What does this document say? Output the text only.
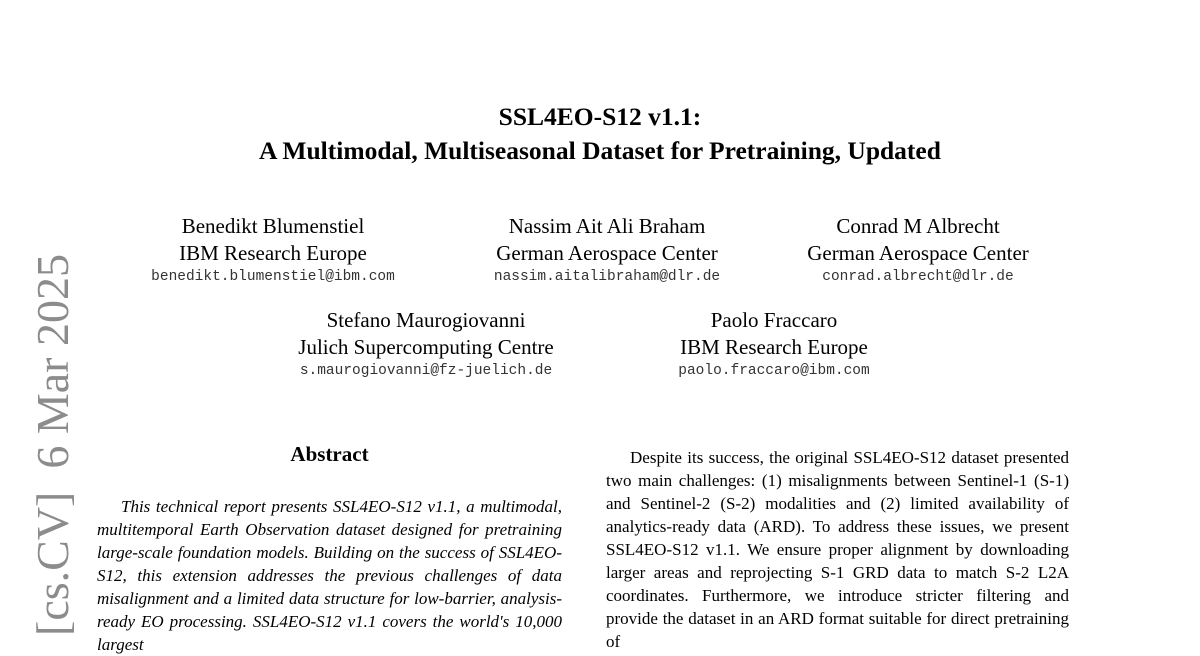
[cs.CV]  6 Mar 2025
SSL4EO-S12 v1.1:
A Multimodal, Multiseasonal Dataset for Pretraining, Updated
Benedikt Blumenstiel
IBM Research Europe
benedikt.blumenstiel@ibm.com
Nassim Ait Ali Braham
German Aerospace Center
nassim.aitalibraham@dlr.de
Conrad M Albrecht
German Aerospace Center
conrad.albrecht@dlr.de
Stefano Maurogiovanni
Julich Supercomputing Centre
s.maurogiovanni@fz-juelich.de
Paolo Fraccaro
IBM Research Europe
paolo.fraccaro@ibm.com
Abstract
This technical report presents SSL4EO-S12 v1.1, a multimodal, multitemporal Earth Observation dataset designed for pretraining large-scale foundation models. Building on the success of SSL4EO-S12, this extension addresses the previous challenges of data misalignment and a limited data structure for low-barrier, analysis-ready EO processing. SSL4EO-S12 v1.1 covers the world's 10,000 largest
Despite its success, the original SSL4EO-S12 dataset presented two main challenges: (1) misalignments between Sentinel-1 (S-1) and Sentinel-2 (S-2) modalities and (2) limited availability of analytics-ready data (ARD). To address these issues, we present SSL4EO-S12 v1.1. We ensure proper alignment by downloading larger areas and reprojecting S-1 GRD data to match S-2 L2A coordinates. Furthermore, we introduce stricter filtering and provide the dataset in an ARD format suitable for direct pretraining of
